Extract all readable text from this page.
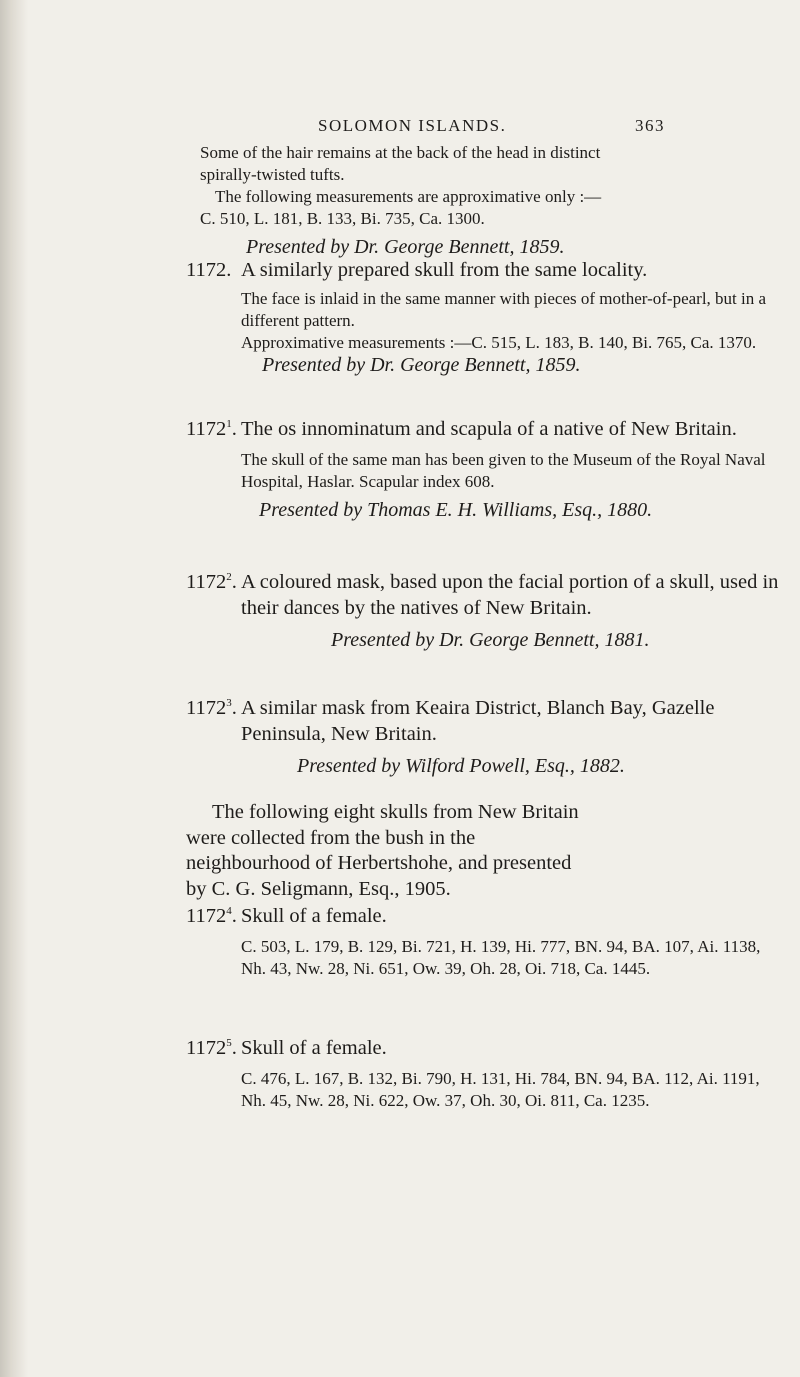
SOLOMON ISLANDS.	363

Some of the hair remains at the back of the head in distinct

spirally-twisted tufts.

The following measurements are approximative only :—

C. 510, L. 181, B. 133, Bi. 735, Ca. 1300.

Presented by Dr. George Bennett, 1859.

1172. A similarly prepared skull from the same locality.

The face is inlaid in the same manner with pieces of mother-of-pearl, but in a different pattern.

Approximative measurements :—C. 515, L. 183, B. 140, Bi. 765, Ca. 1370.

Presented by Dr. George Bennett, 1859.

1172$^1$. The os innominatum and scapula of a native of New Britain.

The skull of the same man has been given to the Museum of the Royal Naval Hospital, Haslar. Scapular index 608.

Presented by Thomas E. H. Williams, Esq., 1880.

1172$^2$. A coloured mask, based upon the facial portion of a skull, used in their dances by the natives of New Britain.

Presented by Dr. George Bennett, 1881.

1172$^3$. A similar mask from Keaira District, Blanch Bay, Gazelle Peninsula, New Britain.

Presented by Wilford Powell, Esq., 1882.

The following eight skulls from New Britain were collected from the bush in the neighbourhood of Herbertshohe, and presented by C. G. Seligmann, Esq., 1905.

1172$^4$. Skull of a female.

C. 503, L. 179, B. 129, Bi. 721, H. 139, Hi. 777, BN. 94, BA. 107, Ai. 1138, Nh. 43, Nw. 28, Ni. 651, Ow. 39, Oh. 28, Oi. 718, Ca. 1445.

1172$^5$. Skull of a female.

C. 476, L. 167, B. 132, Bi. 790, H. 131, Hi. 784, BN. 94, BA. 112, Ai. 1191, Nh. 45, Nw. 28, Ni. 622, Ow. 37, Oh. 30, Oi. 811, Ca. 1235.
